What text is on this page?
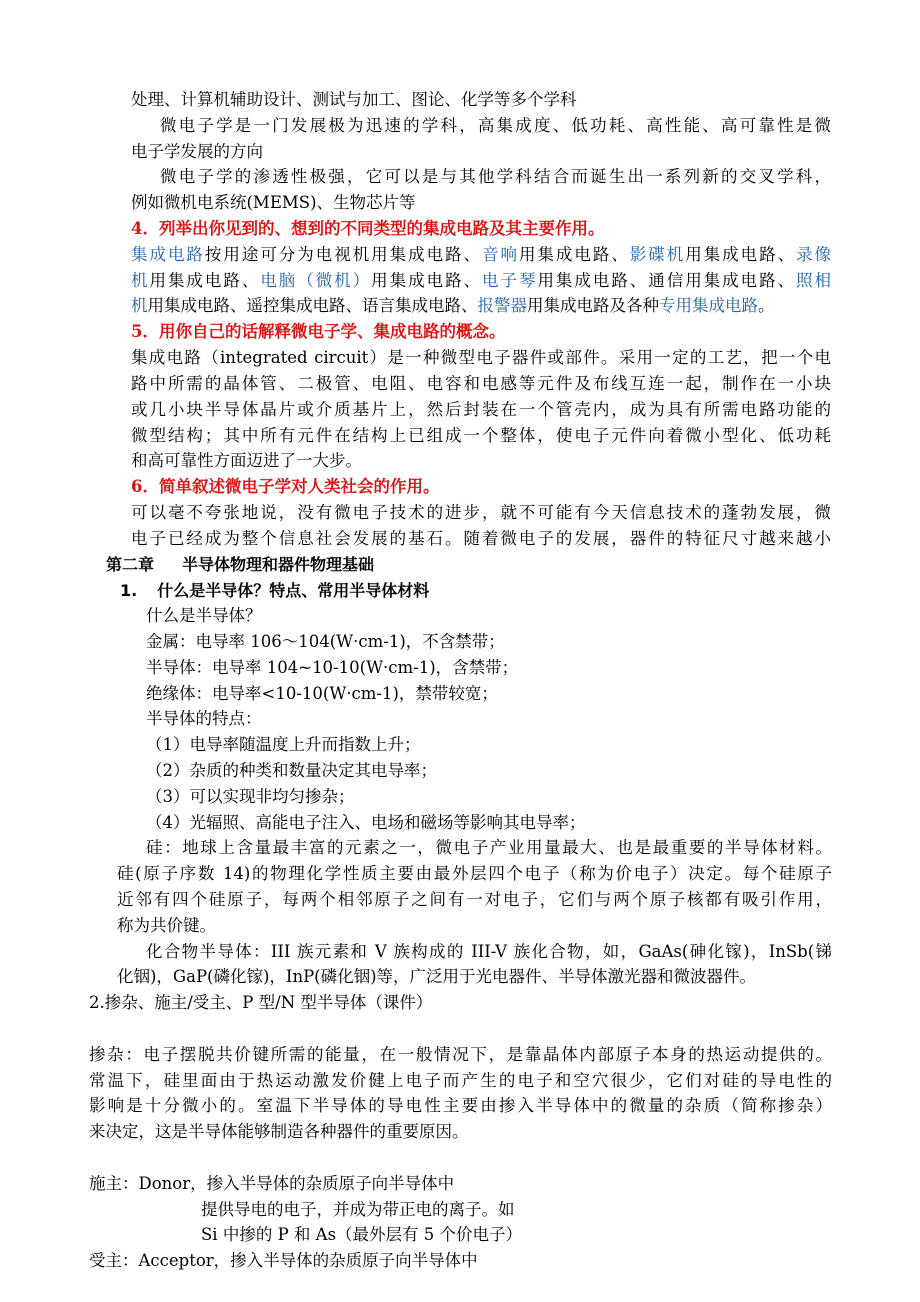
处理、计算机辅助设计、测试与加工、图论、化学等多个学科
微电子学是一门发展极为迅速的学科，高集成度、低功耗、高性能、高可靠性是微
电子学发展的方向
微电子学的渗透性极强，它可以是与其他学科结合而诞生出一系列新的交叉学科，
例如微机电系统(MEMS)、生物芯片等
4．列举出你见到的、想到的不同类型的集成电路及其主要作用。
集成电路按用途可分为电视机用集成电路、音响用集成电路、影碟机用集成电路、录像
机用集成电路、电脑（微机）用集成电路、电子琴用集成电路、通信用集成电路、照相
机用集成电路、遥控集成电路、语言集成电路、报警器用集成电路及各种专用集成电路。
5．用你自己的话解释微电子学、集成电路的概念。
集成电路（integrated circuit）是一种微型电子器件或部件。采用一定的工艺，把一个电
路中所需的晶体管、二极管、电阻、电容和电感等元件及布线互连一起，制作在一小块
或几小块半导体晶片或介质基片上，然后封装在一个管壳内，成为具有所需电路功能的
微型结构；其中所有元件在结构上已组成一个整体，使电子元件向着微小型化、低功耗
和高可靠性方面迈进了一大步。
6．简单叙述微电子学对人类社会的作用。
可以毫不夸张地说，没有微电子技术的进步，就不可能有今天信息技术的蓬勃发展，微
电子已经成为整个信息社会发展的基石。随着微电子的发展，器件的特征尺寸越来越小
第二章 半导体物理和器件物理基础
1. 什么是半导体？特点、常用半导体材料
什么是半导体？
金属：电导率 106～104(W·cm-1)，不含禁带；
半导体：电导率 104~10-10(W·cm-1)，含禁带；
绝缘体：电导率<10-10(W·cm-1)，禁带较宽；
半导体的特点：
（1）电导率随温度上升而指数上升；
（2）杂质的种类和数量决定其电导率；
（3）可以实现非均匀掺杂；
（4）光辐照、高能电子注入、电场和磁场等影响其电导率；
硅：地球上含量最丰富的元素之一，微电子产业用量最大、也是最重要的半导体材料。
硅(原子序数 14)的物理化学性质主要由最外层四个电子（称为价电子）决定。每个硅原子
近邻有四个硅原子，每两个相邻原子之间有一对电子，它们与两个原子核都有吸引作用，
称为共价键。
化合物半导体：III 族元素和 V 族构成的 III-V 族化合物，如，GaAs(砷化镓)，InSb(锑
化铟)，GaP(磷化镓)，InP(磷化铟)等，广泛用于光电器件、半导体激光器和微波器件。
2.掺杂、施主/受主、P 型/N 型半导体（课件）
掺杂：电子摆脱共价键所需的能量，在一般情况下，是靠晶体内部原子本身的热运动提供的。
常温下，硅里面由于热运动激发价健上电子而产生的电子和空穴很少，它们对硅的导电性的
影响是十分微小的。室温下半导体的导电性主要由掺入半导体中的微量的杂质（简称掺杂）
来决定，这是半导体能够制造各种器件的重要原因。
施主：Donor，掺入半导体的杂质原子向半导体中
提供导电的电子，并成为带正电的离子。如
Si 中掺的 P 和 As（最外层有 5 个价电子）
受主：Acceptor，掺入半导体的杂质原子向半导体中
